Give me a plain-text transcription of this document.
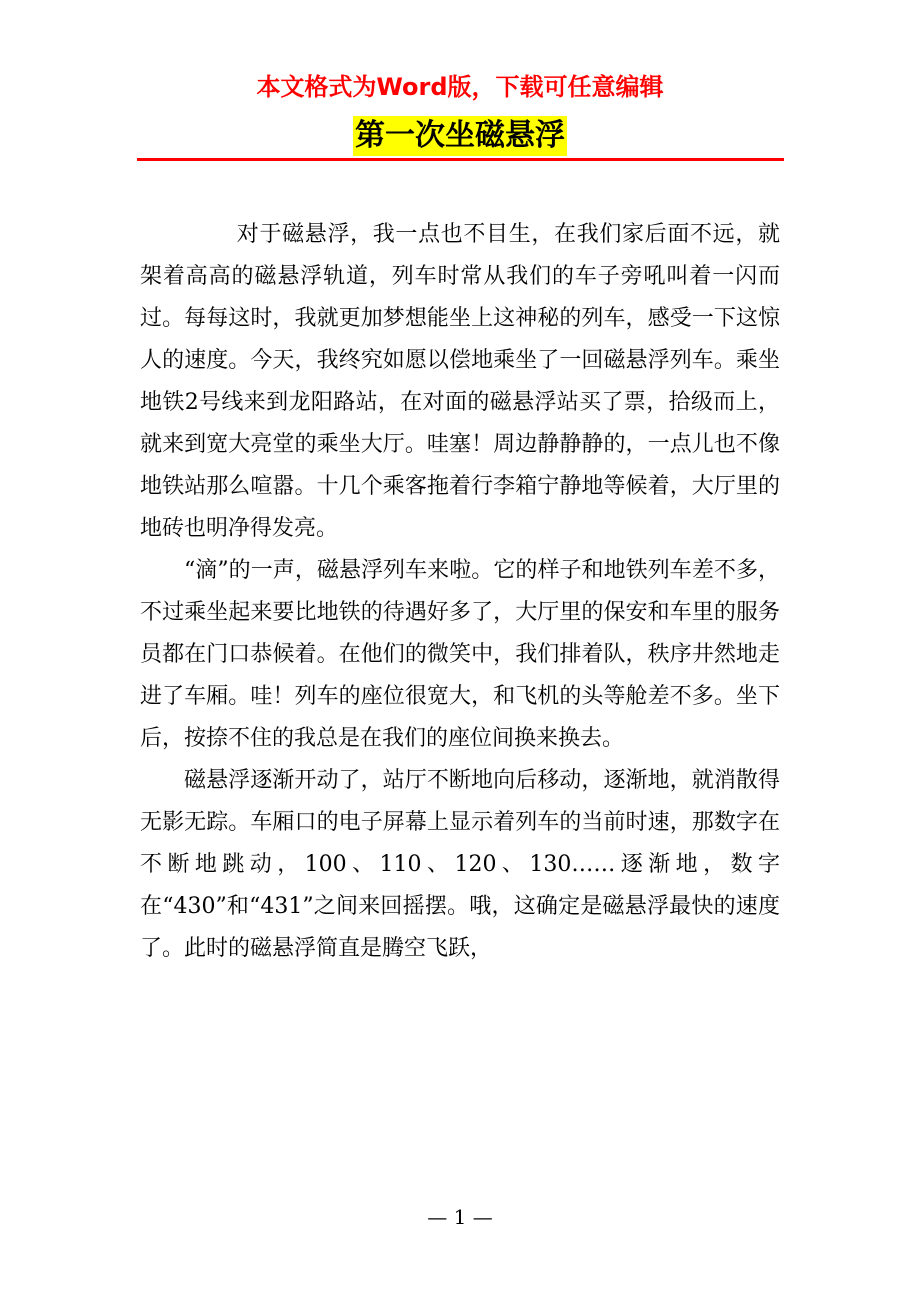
本文格式为Word版，下载可任意编辑
第一次坐磁悬浮

对于磁悬浮，我一点也不目生，在我们家后面不远，就架着高高的磁悬浮轨道，列车时常从我们的车子旁吼叫着一闪而过。每每这时，我就更加梦想能坐上这神秘的列车，感受一下这惊人的速度。今天，我终究如愿以偿地乘坐了一回磁悬浮列车。乘坐地铁2号线来到龙阳路站，在对面的磁悬浮站买了票，拾级而上，就来到宽大亮堂的乘坐大厅。哇塞！周边静静静的，一点儿也不像地铁站那么喧嚣。十几个乘客拖着行李箱宁静地等候着，大厅里的地砖也明净得发亮。

“滴”的一声，磁悬浮列车来啦。它的样子和地铁列车差不多，不过乘坐起来要比地铁的待遇好多了，大厅里的保安和车里的服务员都在门口恭候着。在他们的微笑中，我们排着队，秩序井然地走进了车厢。哇！列车的座位很宽大，和飞机的头等舱差不多。坐下后，按捺不住的我总是在我们的座位间换来换去。

磁悬浮逐渐开动了，站厅不断地向后移动，逐渐地，就消散得无影无踪。车厢口的电子屏幕上显示着列车的当前时速，那数字在不断地跳动，100、110、120、130……逐渐地，数字在“430”和“431”之间来回摇摆。哦，这确定是磁悬浮最快的速度了。此时的磁悬浮简直是腾空飞跃，

— 1 —
